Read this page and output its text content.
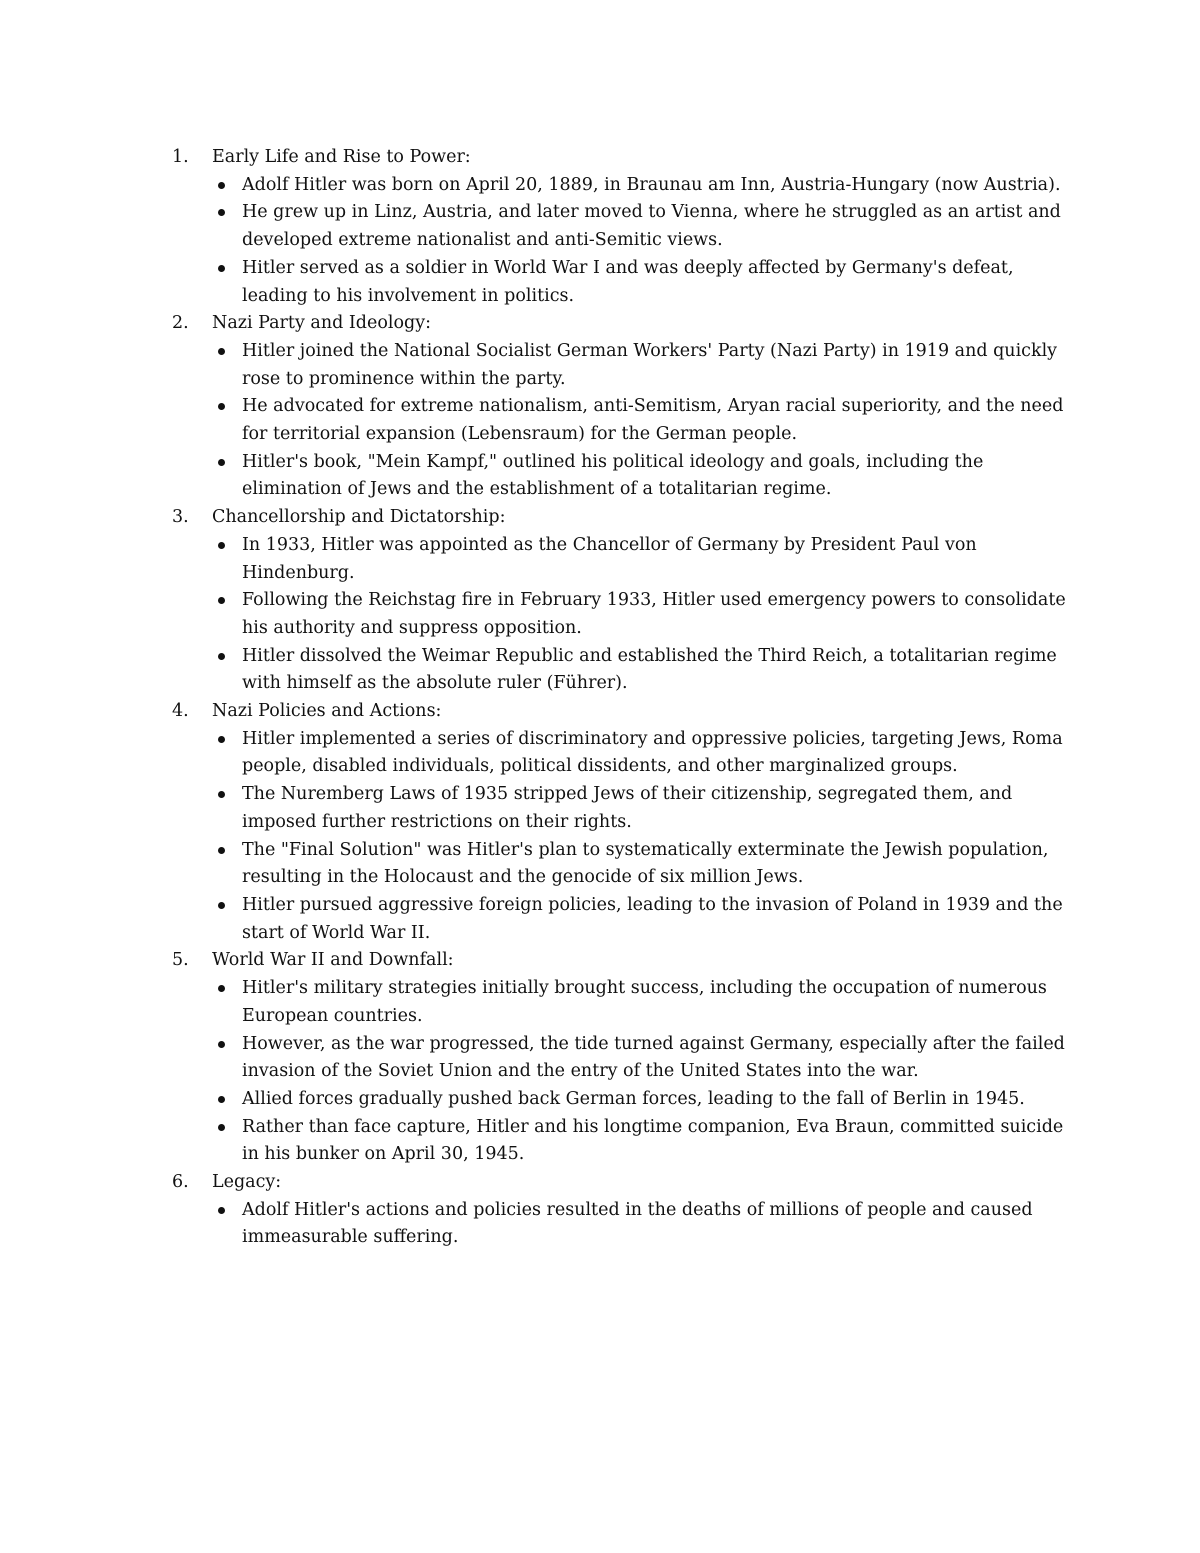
1.	Early Life and Rise to Power:
Adolf Hitler was born on April 20, 1889, in Braunau am Inn, Austria-Hungary (now Austria).
He grew up in Linz, Austria, and later moved to Vienna, where he struggled as an artist and developed extreme nationalist and anti-Semitic views.
Hitler served as a soldier in World War I and was deeply affected by Germany's defeat, leading to his involvement in politics.
2.	Nazi Party and Ideology:
Hitler joined the National Socialist German Workers' Party (Nazi Party) in 1919 and quickly rose to prominence within the party.
He advocated for extreme nationalism, anti-Semitism, Aryan racial superiority, and the need for territorial expansion (Lebensraum) for the German people.
Hitler's book, "Mein Kampf," outlined his political ideology and goals, including the elimination of Jews and the establishment of a totalitarian regime.
3.	Chancellorship and Dictatorship:
In 1933, Hitler was appointed as the Chancellor of Germany by President Paul von Hindenburg.
Following the Reichstag fire in February 1933, Hitler used emergency powers to consolidate his authority and suppress opposition.
Hitler dissolved the Weimar Republic and established the Third Reich, a totalitarian regime with himself as the absolute ruler (Führer).
4.	Nazi Policies and Actions:
Hitler implemented a series of discriminatory and oppressive policies, targeting Jews, Roma people, disabled individuals, political dissidents, and other marginalized groups.
The Nuremberg Laws of 1935 stripped Jews of their citizenship, segregated them, and imposed further restrictions on their rights.
The "Final Solution" was Hitler's plan to systematically exterminate the Jewish population, resulting in the Holocaust and the genocide of six million Jews.
Hitler pursued aggressive foreign policies, leading to the invasion of Poland in 1939 and the start of World War II.
5.	World War II and Downfall:
Hitler's military strategies initially brought success, including the occupation of numerous European countries.
However, as the war progressed, the tide turned against Germany, especially after the failed invasion of the Soviet Union and the entry of the United States into the war.
Allied forces gradually pushed back German forces, leading to the fall of Berlin in 1945.
Rather than face capture, Hitler and his longtime companion, Eva Braun, committed suicide in his bunker on April 30, 1945.
6.	Legacy:
Adolf Hitler's actions and policies resulted in the deaths of millions of people and caused immeasurable suffering.
